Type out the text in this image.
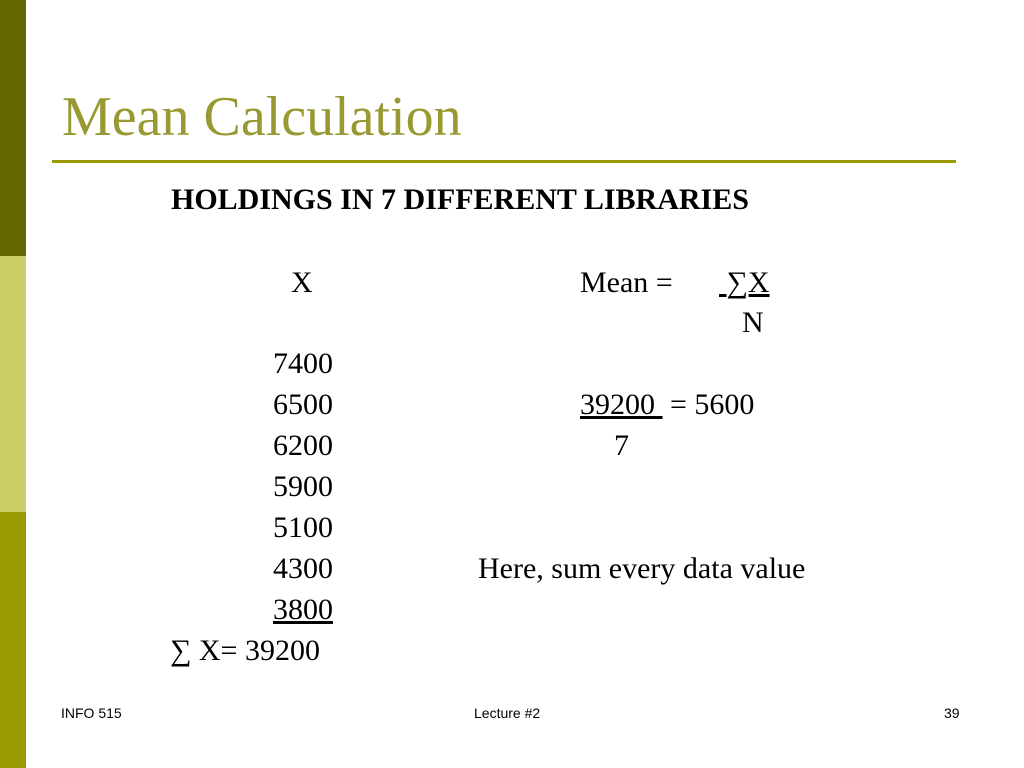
Mean Calculation
HOLDINGS IN 7 DIFFERENT LIBRARIES
X
7400
6500
6200
5900
5100
4300
3800
∑ X= 39200
Mean = ∑X
N
39200  = 5600
7
Here, sum every data value
INFO 515	Lecture #2	39
